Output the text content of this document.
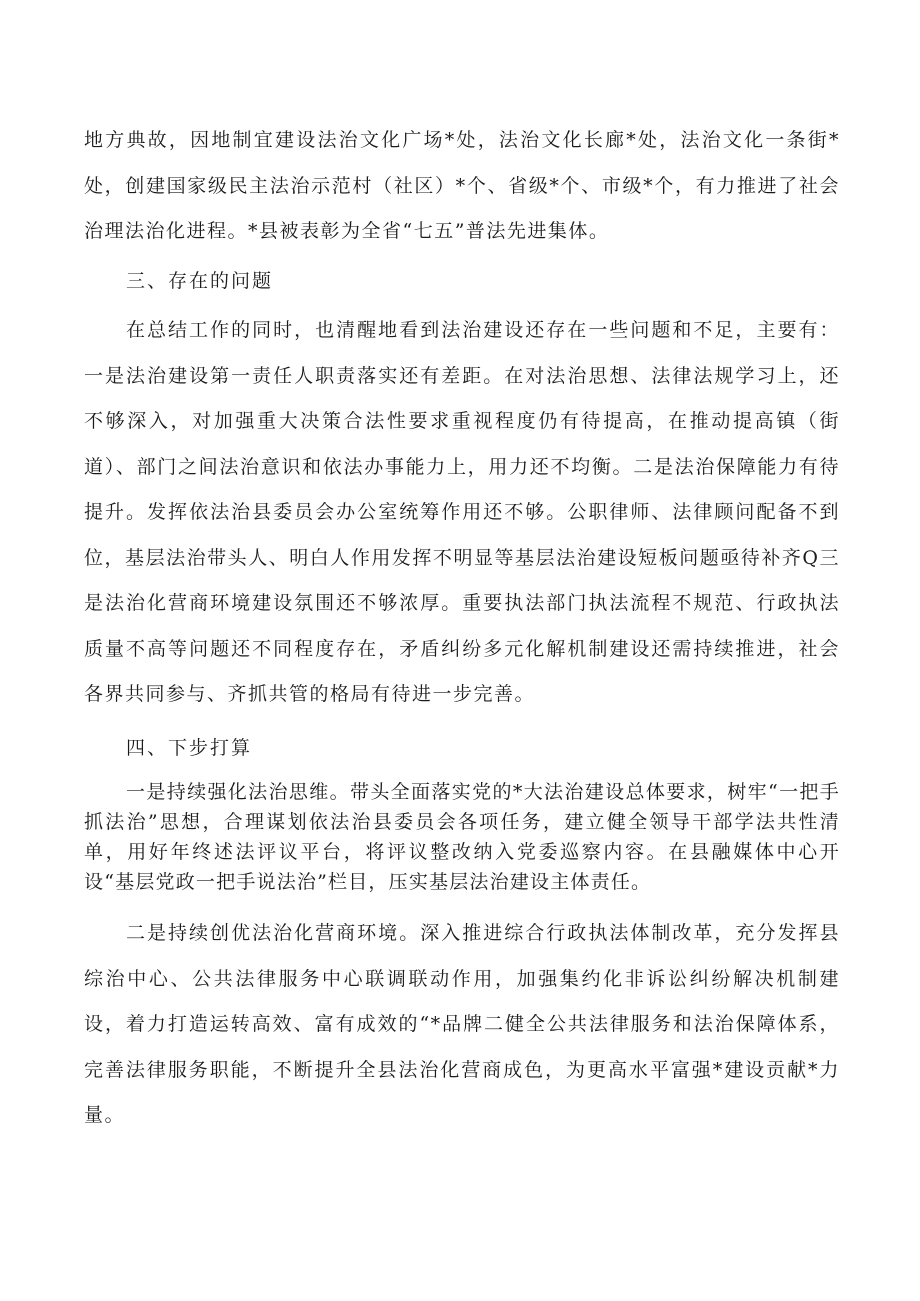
地方典故，因地制宜建设法治文化广场*处，法治文化长廊*处，法治文化一条街*处，创建国家级民主法治示范村（社区）*个、省级*个、市级*个，有力推进了社会治理法治化进程。*县被表彰为全省“七五”普法先进集体。

三、存在的问题

在总结工作的同时，也清醒地看到法治建设还存在一些问题和不足，主要有：一是法治建设第一责任人职责落实还有差距。在对法治思想、法律法规学习上，还不够深入，对加强重大决策合法性要求重视程度仍有待提高，在推动提高镇（街道）、部门之间法治意识和依法办事能力上，用力还不均衡。二是法治保障能力有待提升。发挥依法治县委员会办公室统筹作用还不够。公职律师、法律顾问配备不到位，基层法治带头人、明白人作用发挥不明显等基层法治建设短板问题亟待补齐Q三是法治化营商环境建设氛围还不够浓厚。重要执法部门执法流程不规范、行政执法质量不高等问题还不同程度存在，矛盾纠纷多元化解机制建设还需持续推进，社会各界共同参与、齐抓共管的格局有待进一步完善。

四、下步打算

一是持续强化法治思维。带头全面落实党的*大法治建设总体要求，树牢“一把手抓法治”思想，合理谋划依法治县委员会各项任务，建立健全领导干部学法共性清单，用好年终述法评议平台，将评议整改纳入党委巡察内容。在县融媒体中心开设“基层党政一把手说法治”栏目，压实基层法治建设主体责任。

二是持续创优法治化营商环境。深入推进综合行政执法体制改革，充分发挥县综治中心、公共法律服务中心联调联动作用，加强集约化非诉讼纠纷解决机制建设，着力打造运转高效、富有成效的“*品牌二健全公共法律服务和法治保障体系，完善法律服务职能，不断提升全县法治化营商成色，为更高水平富强*建设贡献*力量。
